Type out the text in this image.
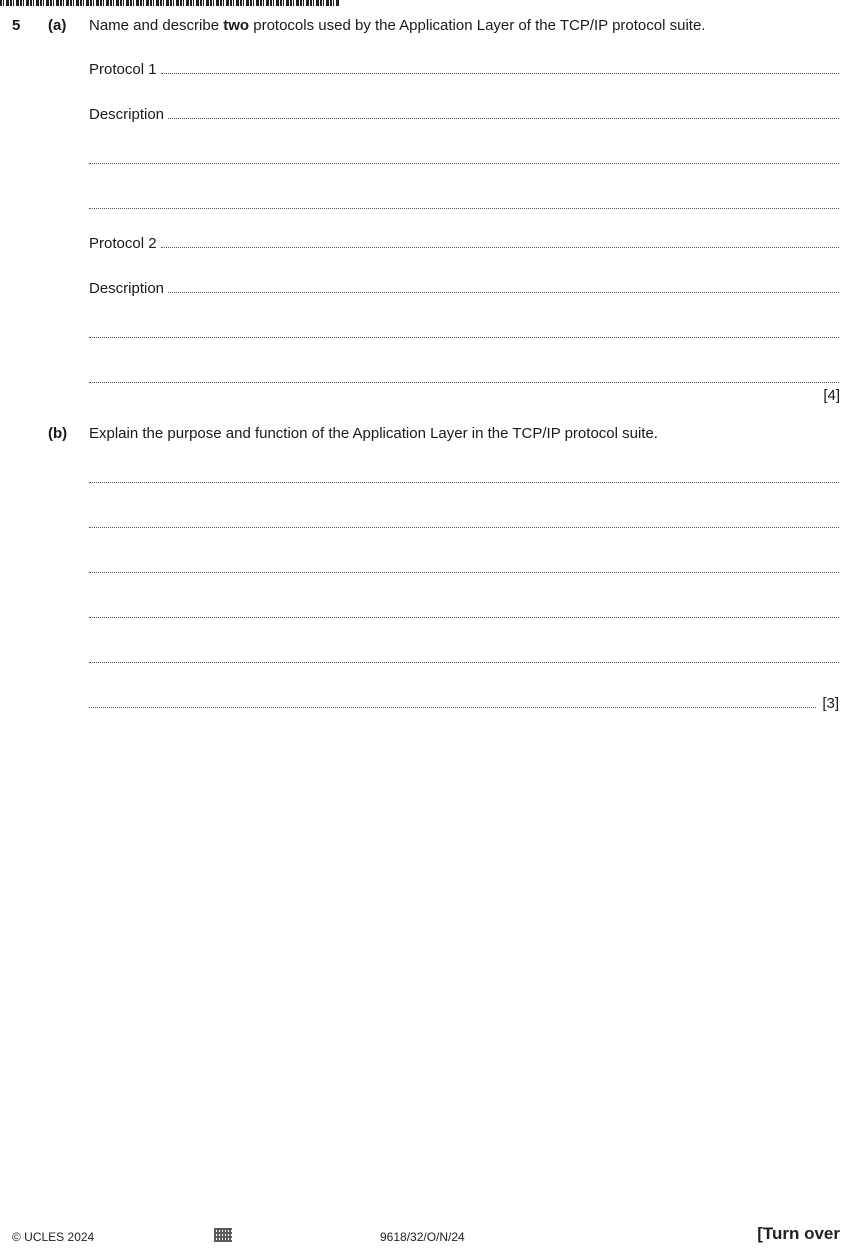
5 (a) Name and describe two protocols used by the Application Layer of the TCP/IP protocol suite.
Protocol 1
Description
Protocol 2
Description
[4]
(b) Explain the purpose and function of the Application Layer in the TCP/IP protocol suite.
[3]
© UCLES 2024	9618/32/O/N/24	[Turn over
